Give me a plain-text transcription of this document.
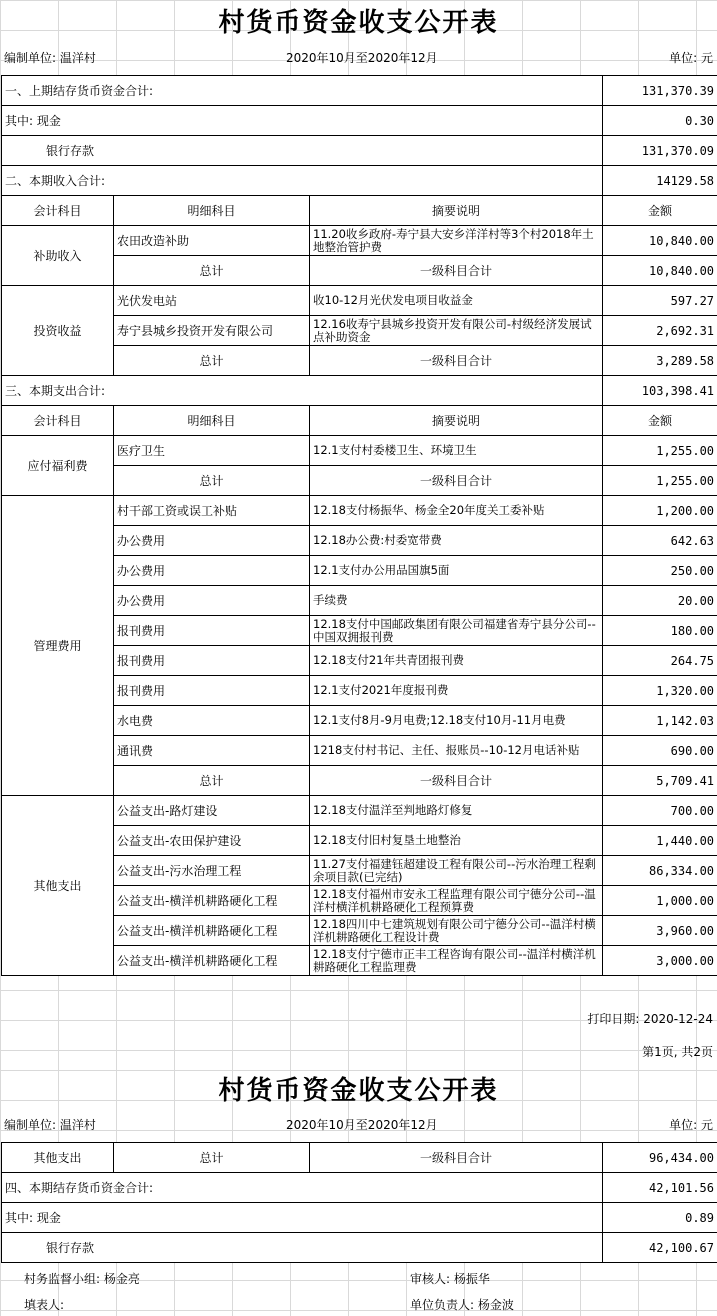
村货币资金收支公开表
编制单位: 温洋村	2020年10月至2020年12月	单位: 元
一、上期结存货币资金合计:			131,370.39
其中: 现金			0.30
银行存款			131,370.09
二、本期收入合计:			14129.58
会计科目	明细科目	摘要说明	金额
补助收入	农田改造补助	11.20收乡政府-寿宁县大安乡洋洋村等3个村2018年土地整治管护费	10,840.00
	总计	一级科目合计	10,840.00
投资收益	光伏发电站	收10-12月光伏发电项目收益金	597.27
	寿宁县城乡投资开发有限公司	12.16收寿宁县城乡投资开发有限公司-村级经济发展试点补助资金	2,692.31
	总计	一级科目合计	3,289.58
三、本期支出合计:			103,398.41
会计科目	明细科目	摘要说明	金额
应付福利费	医疗卫生	12.1支付村委楼卫生、环境卫生	1,255.00
	总计	一级科目合计	1,255.00
管理费用	村干部工资或误工补贴	12.18支付杨振华、杨金全20年度关工委补贴	1,200.00
	办公费用	12.18办公费:村委宽带费	642.63
	办公费用	12.1支付办公用品国旗5面	250.00
	办公费用	手续费	20.00
	报刊费用	12.18支付中国邮政集团有限公司福建省寿宁县分公司--中国双拥报刊费	180.00
	报刊费用	12.18支付21年共青团报刊费	264.75
	报刊费用	12.1支付2021年度报刊费	1,320.00
	水电费	12.1支付8月-9月电费;12.18支付10月-11月电费	1,142.03
	通讯费	1218支付村书记、主任、报账员--10-12月电话补贴	690.00
	总计	一级科目合计	5,709.41
其他支出	公益支出-路灯建设	12.18支付温洋至判地路灯修复	700.00
	公益支出-农田保护建设	12.18支付旧村复垦土地整治	1,440.00
	公益支出-污水治理工程	11.27支付福建钰超建设工程有限公司--污水治理工程剩余项目款(已完结)	86,334.00
	公益支出-横洋机耕路硬化工程	12.18支付福州市安永工程监理有限公司宁德分公司--温洋村横洋机耕路硬化工程预算费	1,000.00
	公益支出-横洋机耕路硬化工程	12.18四川中七建筑规划有限公司宁德分公司--温洋村横洋机耕路硬化工程设计费	3,960.00
	公益支出-横洋机耕路硬化工程	12.18支付宁德市正丰工程咨询有限公司--温洋村横洋机耕路硬化工程监理费	3,000.00
打印日期: 2020-12-24
第1页, 共2页
村货币资金收支公开表
编制单位: 温洋村	2020年10月至2020年12月	单位: 元
其他支出	总计	一级科目合计	96,434.00
四、本期结存货币资金合计:			42,101.56
其中: 现金			0.89
银行存款			42,100.67
村务监督小组: 杨金亮	审核人: 杨振华
填表人:	单位负责人: 杨金波
